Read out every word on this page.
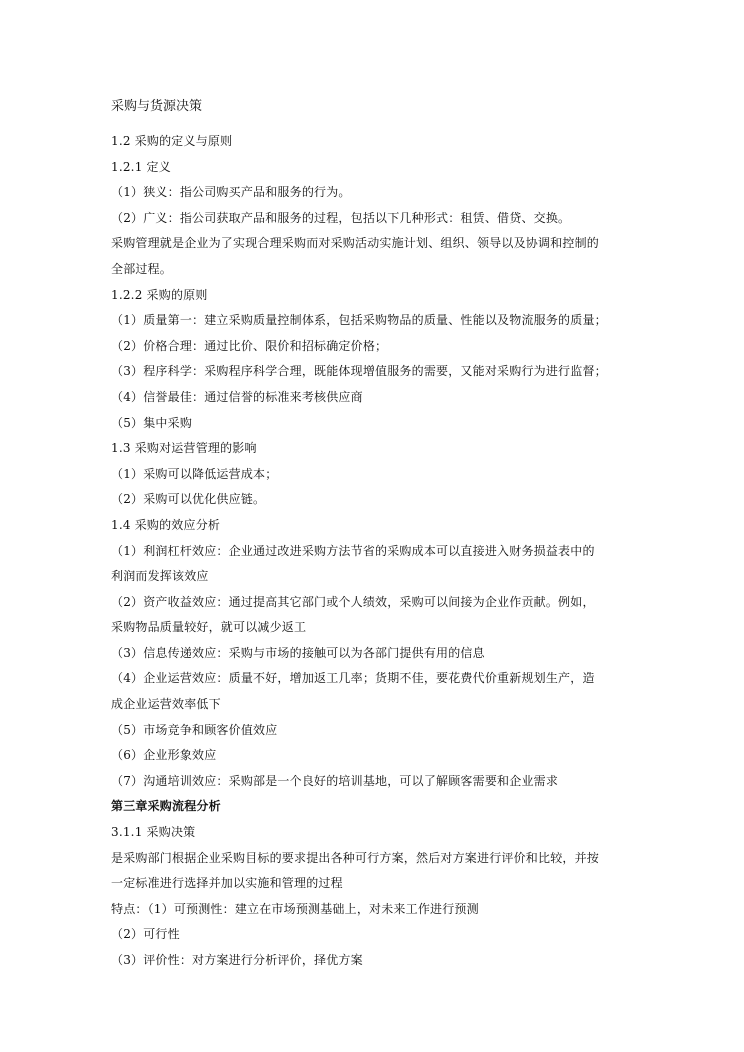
采购与货源决策
1.2 采购的定义与原则
1.2.1 定义
（1）狭义：指公司购买产品和服务的行为。
（2）广义：指公司获取产品和服务的过程，包括以下几种形式：租赁、借贷、交换。
采购管理就是企业为了实现合理采购而对采购活动实施计划、组织、领导以及协调和控制的
全部过程。
1.2.2 采购的原则
（1）质量第一：建立采购质量控制体系，包括采购物品的质量、性能以及物流服务的质量；
（2）价格合理：通过比价、限价和招标确定价格；
（3）程序科学：采购程序科学合理，既能体现增值服务的需要，又能对采购行为进行监督；
（4）信誉最佳：通过信誉的标准来考核供应商
（5）集中采购
1.3 采购对运营管理的影响
（1）采购可以降低运营成本；
（2）采购可以优化供应链。
1.4 采购的效应分析
（1）利润杠杆效应：企业通过改进采购方法节省的采购成本可以直接进入财务损益表中的
利润而发挥该效应
（2）资产收益效应：通过提高其它部门或个人绩效，采购可以间接为企业作贡献。例如，
采购物品质量较好，就可以减少返工
（3）信息传递效应：采购与市场的接触可以为各部门提供有用的信息
（4）企业运营效应：质量不好，增加返工几率；货期不佳，要花费代价重新规划生产，造
成企业运营效率低下
（5）市场竞争和顾客价值效应
（6）企业形象效应
（7）沟通培训效应：采购部是一个良好的培训基地，可以了解顾客需要和企业需求
第三章采购流程分析
3.1.1 采购决策
是采购部门根据企业采购目标的要求提出各种可行方案，然后对方案进行评价和比较，并按
一定标准进行选择并加以实施和管理的过程
特点：（1）可预测性：建立在市场预测基础上，对未来工作进行预测
（2）可行性
（3）评价性：对方案进行分析评价，择优方案
